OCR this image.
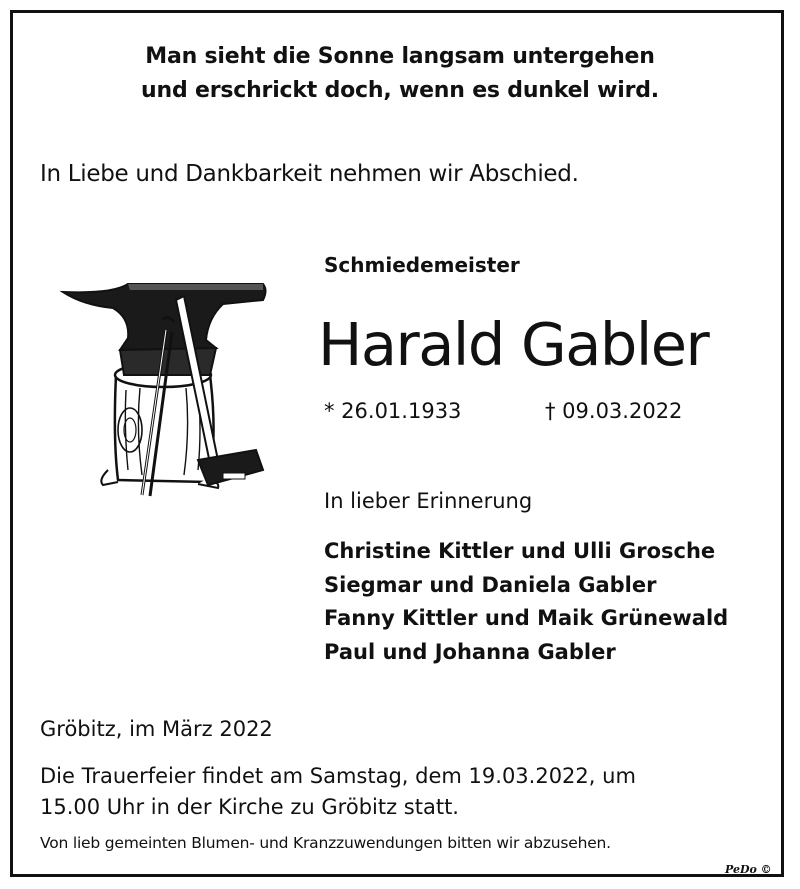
Man sieht die Sonne langsam untergehen
und erschrickt doch, wenn es dunkel wird.
In Liebe und Dankbarkeit nehmen wir Abschied.
Schmiedemeister
Harald Gabler
* 26.01.1933	† 09.03.2022
In lieber Erinnerung
Christine Kittler und Ulli Grosche
Siegmar und Daniela Gabler
Fanny Kittler und Maik Grünewald
Paul und Johanna Gabler
Gröbitz, im März 2022
Die Trauerfeier findet am Samstag, dem 19.03.2022, um
15.00 Uhr in der Kirche zu Gröbitz statt.
Von lieb gemeinten Blumen- und Kranzzuwendungen bitten wir abzusehen.
PeDo ©
